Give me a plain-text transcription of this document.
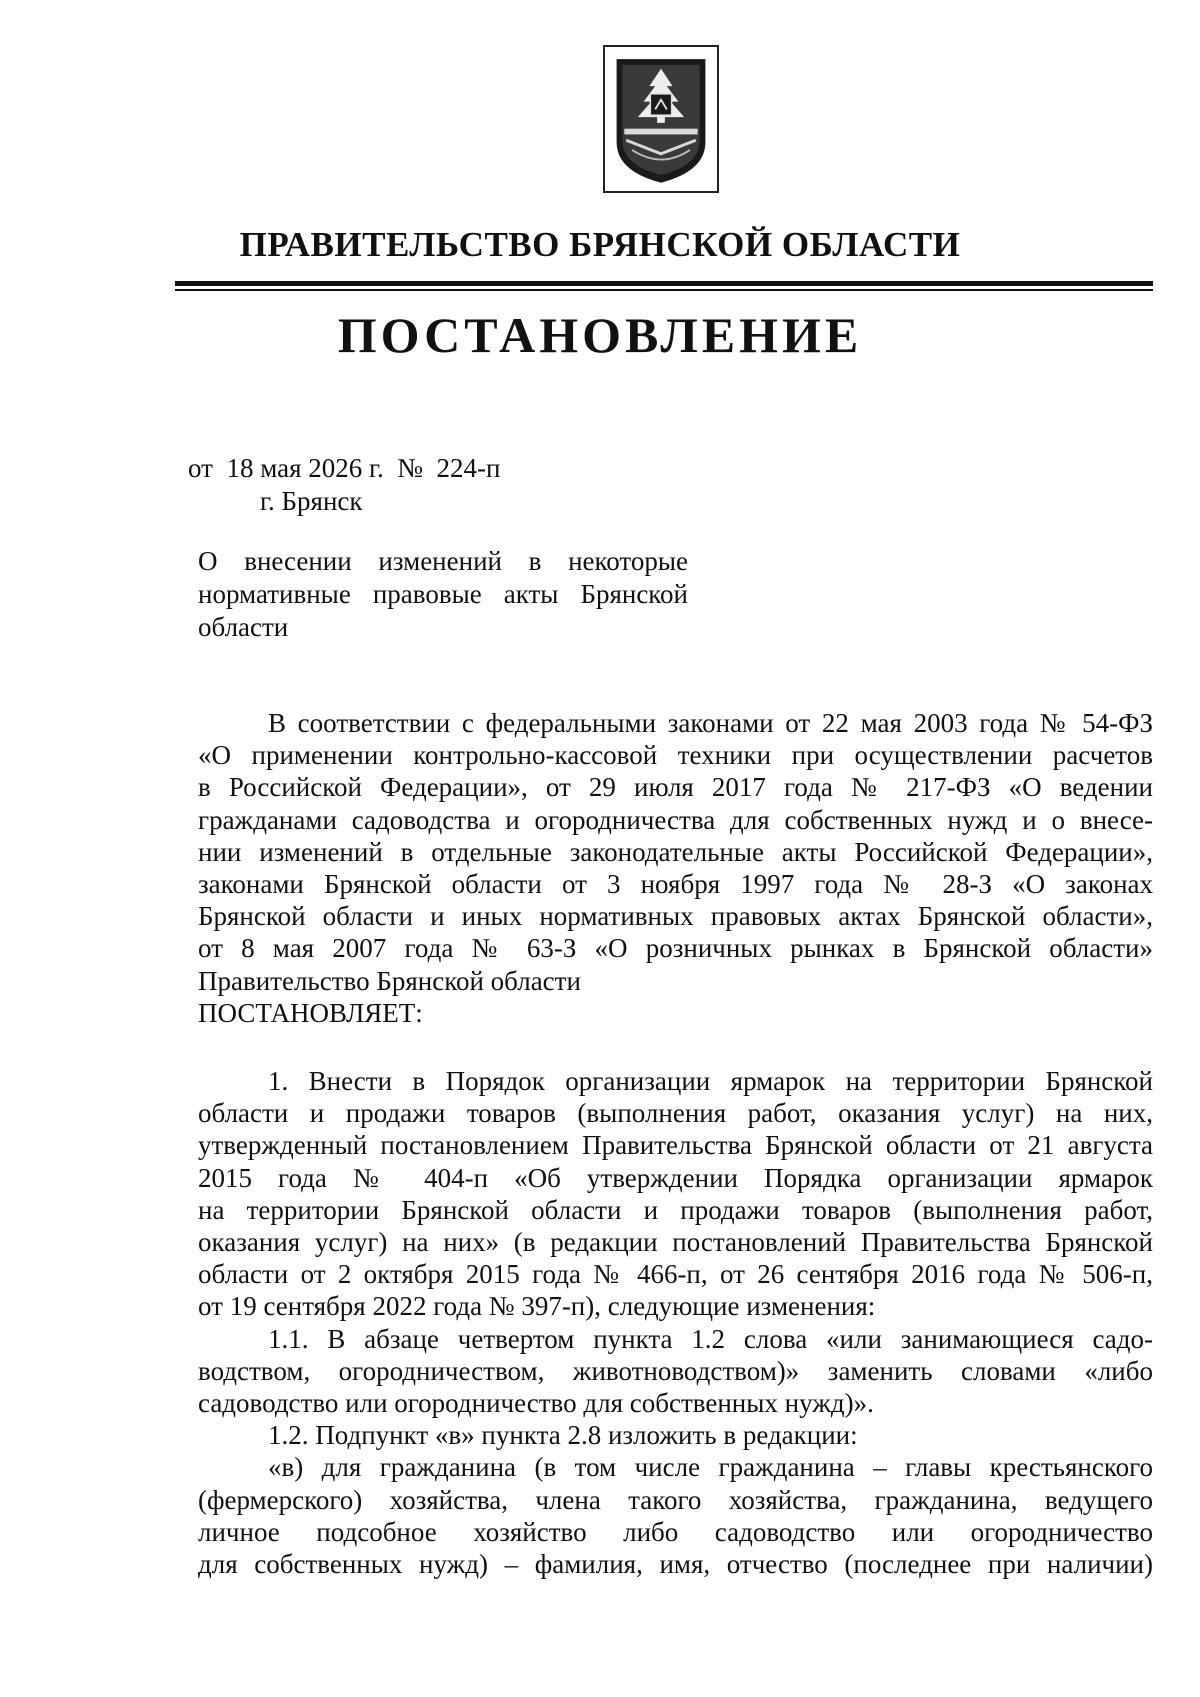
ПРАВИТЕЛЬСТВО БРЯНСКОЙ ОБЛАСТИ
ПОСТАНОВЛЕНИЕ
от  18 мая 2026 г.  №  224-п
г. Брянск
О внесении изменений в некоторые
нормативные правовые акты Брянской
области
В соответствии с федеральными законами от 22 мая 2003 года № 54-ФЗ
«О применении контрольно-кассовой техники при осуществлении расчетов
в Российской Федерации», от 29 июля 2017 года № 217-ФЗ «О ведении
гражданами садоводства и огородничества для собственных нужд и о внесе-
нии изменений в отдельные законодательные акты Российской Федерации»,
законами Брянской области от 3 ноября 1997 года № 28-З «О законах
Брянской области и иных нормативных правовых актах Брянской области»,
от 8 мая 2007 года № 63-З «О розничных рынках в Брянской области»
Правительство Брянской области
ПОСТАНОВЛЯЕТ:
1. Внести в Порядок организации ярмарок на территории Брянской
области и продажи товаров (выполнения работ, оказания услуг) на них,
утвержденный постановлением Правительства Брянской области от 21 августа
2015 года № 404-п «Об утверждении Порядка организации ярмарок
на территории Брянской области и продажи товаров (выполнения работ,
оказания услуг) на них» (в редакции постановлений Правительства Брянской
области от 2 октября 2015 года № 466-п, от 26 сентября 2016 года № 506-п,
от 19 сентября 2022 года № 397-п), следующие изменения:
1.1. В абзаце четвертом пункта 1.2 слова «или занимающиеся садо-
водством, огородничеством, животноводством)» заменить словами «либо
садоводство или огородничество для собственных нужд)».
1.2. Подпункт «в» пункта 2.8 изложить в редакции:
«в) для гражданина (в том числе гражданина – главы крестьянского
(фермерского) хозяйства, члена такого хозяйства, гражданина, ведущего
личное подсобное хозяйство либо садоводство или огородничество
для собственных нужд) – фамилия, имя, отчество (последнее при наличии)
